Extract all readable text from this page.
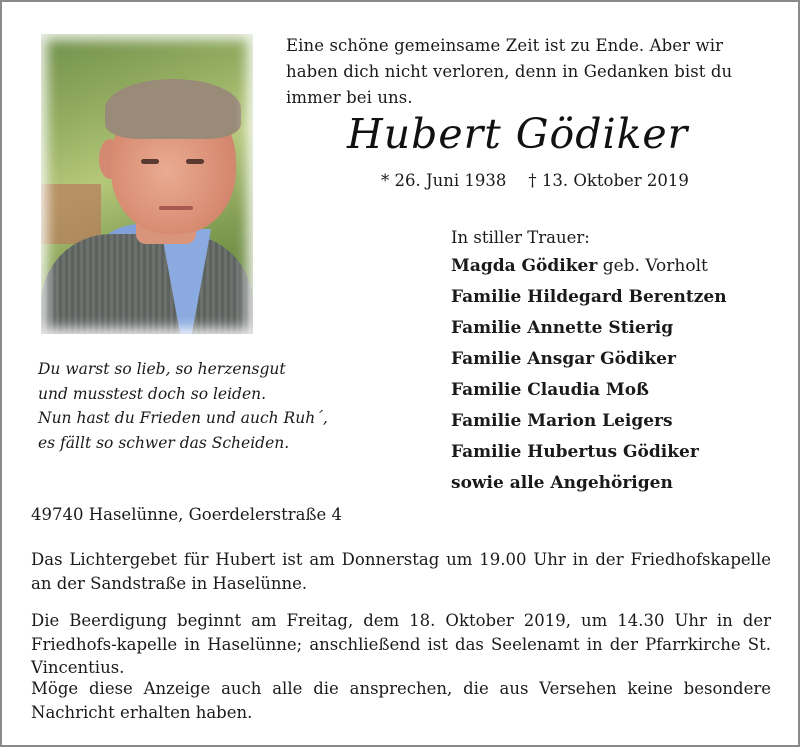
Eine schöne gemeinsame Zeit ist zu Ende. Aber wir haben dich nicht verloren, denn in Gedanken bist du immer bei uns.
Hubert Gödiker
* 26. Juni 1938 † 13. Oktober 2019
In stiller Trauer:
Magda Gödiker geb. Vorholt
Familie Hildegard Berentzen
Familie Annette Stierig
Familie Ansgar Gödiker
Familie Claudia Moß
Familie Marion Leigers
Familie Hubertus Gödiker
sowie alle Angehörigen
Du warst so lieb, so herzensgut
und musstest doch so leiden.
Nun hast du Frieden und auch Ruh´,
es fällt so schwer das Scheiden.
49740 Haselünne, Goerdelerstraße 4
Das Lichtergebet für Hubert ist am Donnerstag um 19.00 Uhr in der Friedhofskapelle an der Sandstraße in Haselünne.
Die Beerdigung beginnt am Freitag, dem 18. Oktober 2019, um 14.30 Uhr in der Friedhofs-kapelle in Haselünne; anschließend ist das Seelenamt in der Pfarrkirche St. Vincentius.
Möge diese Anzeige auch alle die ansprechen, die aus Versehen keine besondere Nachricht erhalten haben.
